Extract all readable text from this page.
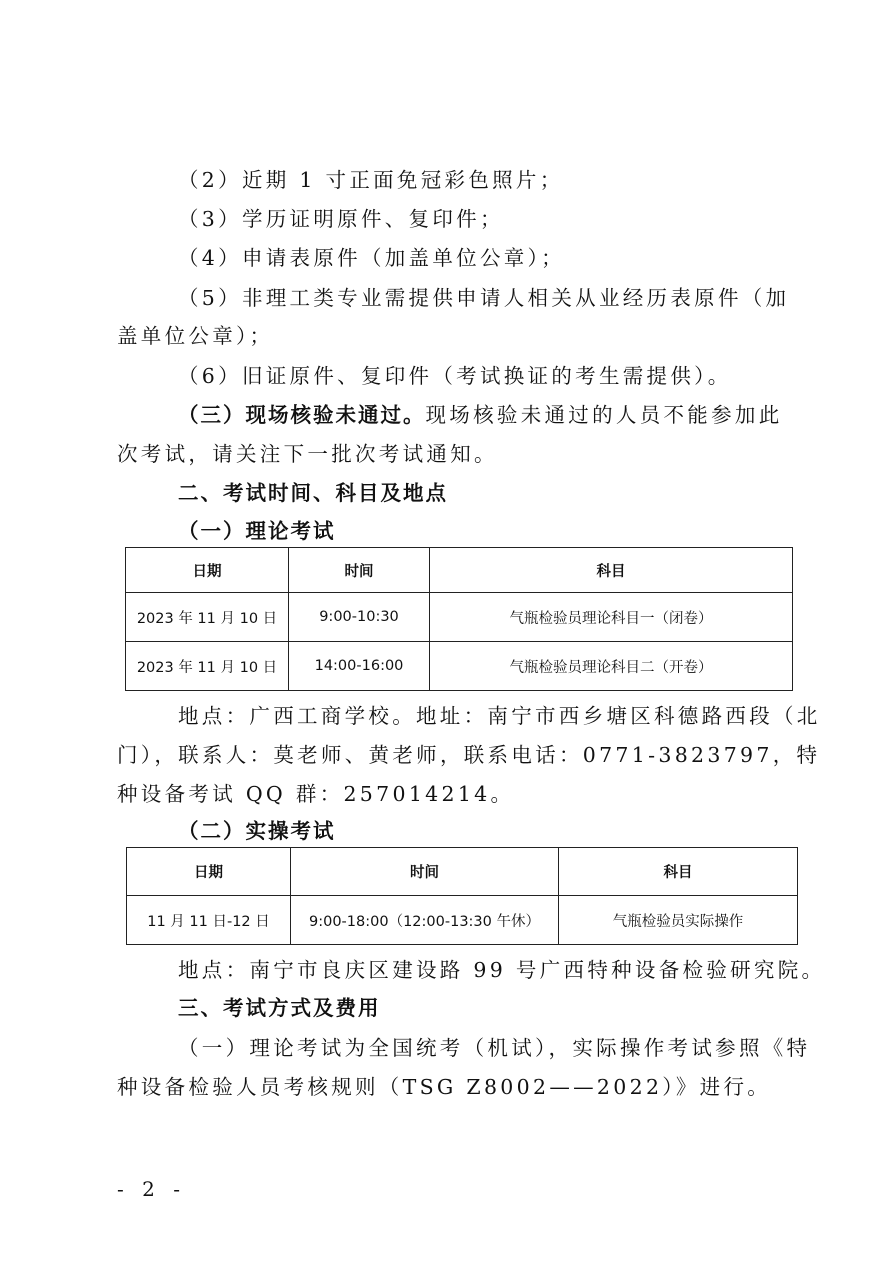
（2）近期 1 寸正面免冠彩色照片；
（3）学历证明原件、复印件；
（4）申请表原件（加盖单位公章）；
（5）非理工类专业需提供申请人相关从业经历表原件（加
盖单位公章）；
（6）旧证原件、复印件（考试换证的考生需提供）。
（三）现场核验未通过。现场核验未通过的人员不能参加此
次考试，请关注下一批次考试通知。
二、考试时间、科目及地点
（一）理论考试
日期	时间	科目
2023 年 11 月 10 日	9:00-10:30	气瓶检验员理论科目一（闭卷）
2023 年 11 月 10 日	14:00-16:00	气瓶检验员理论科目二（开卷）
地点：广西工商学校。地址：南宁市西乡塘区科德路西段（北
门），联系人：莫老师、黄老师，联系电话：0771-3823797，特
种设备考试 QQ 群：257014214。
（二）实操考试
日期	时间	科目
11 月 11 日-12 日	9:00-18:00（12:00-13:30 午休）	气瓶检验员实际操作
地点：南宁市良庆区建设路 99 号广西特种设备检验研究院。
三、考试方式及费用
（一）理论考试为全国统考（机试），实际操作考试参照《特
种设备检验人员考核规则（TSG Z8002——2022）》进行。
- 2 -
